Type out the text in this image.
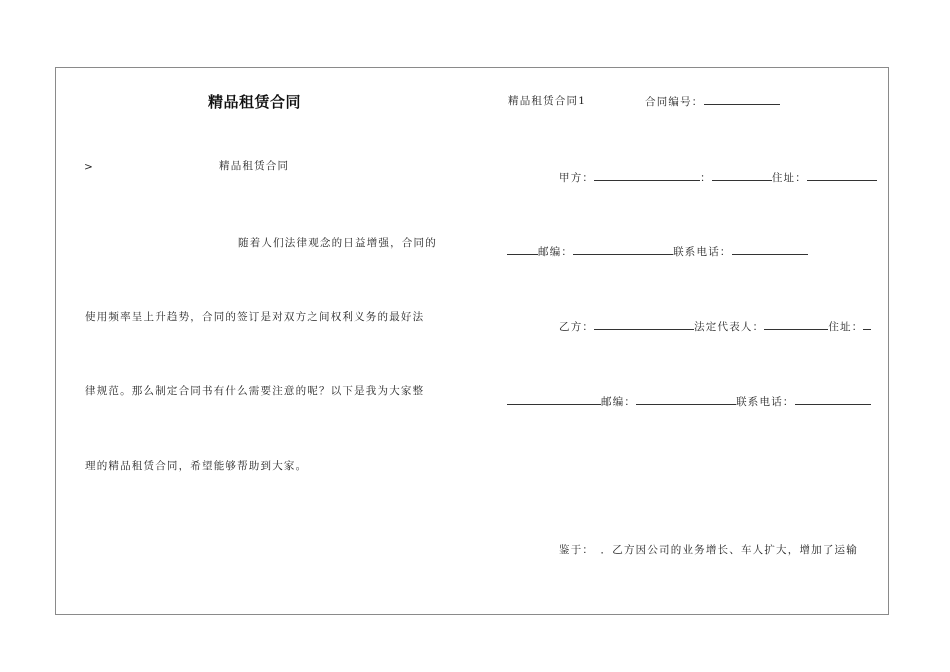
精品租赁合同
>	精品租赁合同
随着人们法律观念的日益增强，合同的
使用频率呈上升趋势，合同的签订是对双方之间权利义务的最好法
律规范。那么制定合同书有什么需要注意的呢？以下是我为大家整
理的精品租赁合同，希望能够帮助到大家。
精品租赁合同1	合同编号：
甲方：	：	住址：
邮编：	联系电话：
乙方：	法定代表人：	住址：
邮编：	联系电话：
鉴于：　．乙方因公司的业务增长、车人扩大，增加了运输
